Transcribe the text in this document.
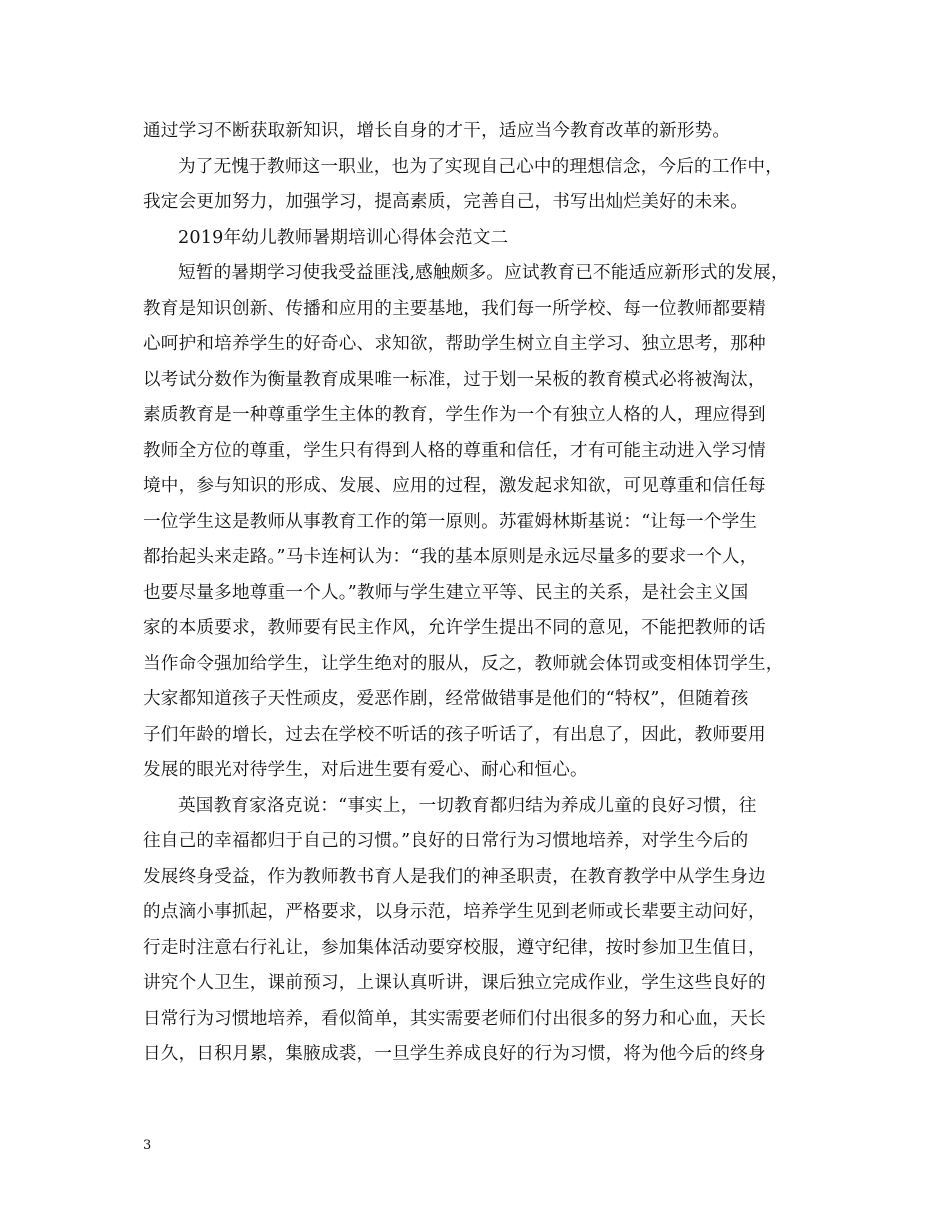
通过学习不断获取新知识，增长自身的才干，适应当今教育改革的新形势。
为了无愧于教师这一职业，也为了实现自己心中的理想信念，今后的工作中，
我定会更加努力，加强学习，提高素质，完善自己，书写出灿烂美好的未来。
2019年幼儿教师暑期培训心得体会范文二
短暂的暑期学习使我受益匪浅,感触颇多。应试教育已不能适应新形式的发展，
教育是知识创新、传播和应用的主要基地，我们每一所学校、每一位教师都要精
心呵护和培养学生的好奇心、求知欲，帮助学生树立自主学习、独立思考，那种
以考试分数作为衡量教育成果唯一标准，过于划一呆板的教育模式必将被淘汰，
素质教育是一种尊重学生主体的教育，学生作为一个有独立人格的人，理应得到
教师全方位的尊重，学生只有得到人格的尊重和信任，才有可能主动进入学习情
境中，参与知识的形成、发展、应用的过程，激发起求知欲，可见尊重和信任每
一位学生这是教师从事教育工作的第一原则。苏霍姆林斯基说：“让每一个学生
都抬起头来走路。”马卡连柯认为：“我的基本原则是永远尽量多的要求一个人，
也要尽量多地尊重一个人。”教师与学生建立平等、民主的关系，是社会主义国
家的本质要求，教师要有民主作风，允许学生提出不同的意见，不能把教师的话
当作命令强加给学生，让学生绝对的服从，反之，教师就会体罚或变相体罚学生，
大家都知道孩子天性顽皮，爱恶作剧，经常做错事是他们的“特权”，但随着孩
子们年龄的增长，过去在学校不听话的孩子听话了，有出息了，因此，教师要用
发展的眼光对待学生，对后进生要有爱心、耐心和恒心。
英国教育家洛克说：“事实上，一切教育都归结为养成儿童的良好习惯，往
往自己的幸福都归于自己的习惯。”良好的日常行为习惯地培养，对学生今后的
发展终身受益，作为教师教书育人是我们的神圣职责，在教育教学中从学生身边
的点滴小事抓起，严格要求，以身示范，培养学生见到老师或长辈要主动问好，
行走时注意右行礼让，参加集体活动要穿校服，遵守纪律，按时参加卫生值日，
讲究个人卫生，课前预习，上课认真听讲，课后独立完成作业，学生这些良好的
日常行为习惯地培养，看似简单，其实需要老师们付出很多的努力和心血，天长
日久，日积月累，集腋成裘，一旦学生养成良好的行为习惯，将为他今后的终身
3
